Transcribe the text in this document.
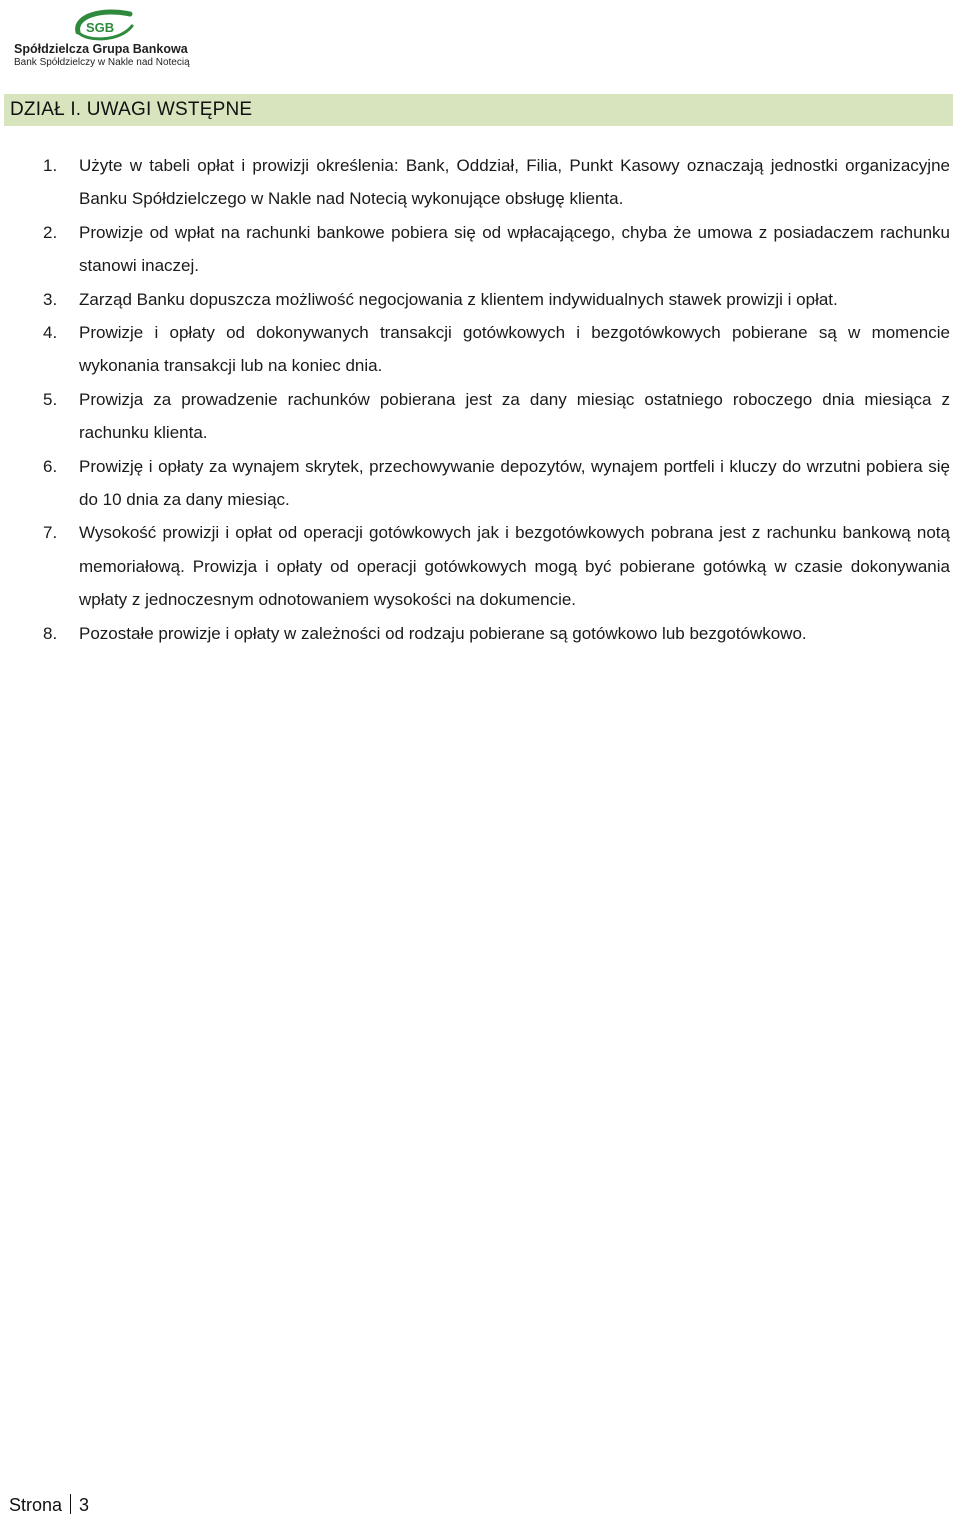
SGB
Spółdzielcza Grupa Bankowa
Bank Spółdzielczy w Nakle nad Notecią
DZIAŁ I. UWAGI WSTĘPNE
1. Użyte w tabeli opłat i prowizji określenia: Bank, Oddział, Filia, Punkt Kasowy oznaczają jednostki organizacyjne Banku Spółdzielczego w Nakle nad Notecią wykonujące obsługę klienta.
2. Prowizje od wpłat na rachunki bankowe pobiera się od wpłacającego, chyba że umowa z posiadaczem rachunku stanowi inaczej.
3. Zarząd Banku dopuszcza możliwość negocjowania z klientem indywidualnych stawek prowizji i opłat.
4. Prowizje i opłaty od dokonywanych transakcji gotówkowych i bezgotówkowych pobierane są w momencie wykonania transakcji lub na koniec dnia.
5. Prowizja za prowadzenie rachunków pobierana jest za dany miesiąc ostatniego roboczego dnia miesiąca z rachunku klienta.
6. Prowizję i opłaty za wynajem skrytek, przechowywanie depozytów, wynajem portfeli i kluczy do wrzutni pobiera się do 10 dnia za dany miesiąc.
7. Wysokość prowizji i opłat od operacji gotówkowych jak i bezgotówkowych pobrana jest z rachunku bankową notą memoriałową. Prowizja i opłaty od operacji gotówkowych mogą być pobierane gotówką w czasie dokonywania wpłaty z jednoczesnym odnotowaniem wysokości na dokumencie.
8. Pozostałe prowizje i opłaty w zależności od rodzaju pobierane są gotówkowo lub bezgotówkowo.
Strona 3
